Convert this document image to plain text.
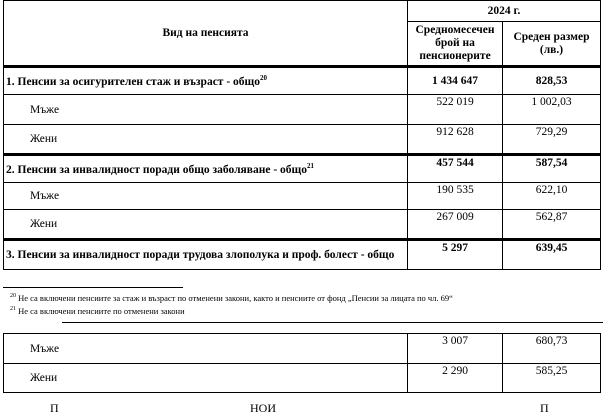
Вид на пенсията	2024 г.	
	Средномесечен брой на пенсионерите	Среден размер (лв.)
1. Пенсии за осигурителен стаж и възраст - общо$^{20}$	1 434 647	828,53
Мъже	522 019	1 002,03
Жени	912 628	729,29
2. Пенсии за инвалидност поради общо заболяване - общо$^{21}$	457 544	587,54
Мъже	190 535	622,10
Жени	267 009	562,87
3. Пенсии за инвалидност поради трудова злополука и проф. болест - общо	5 297	639,45
$^{20}$ Не са включени пенсиите за стаж и възраст по отменени закони, както и пенсиите от фонд „Пенсии за лицата по чл. 69“
$^{21}$ Не са включени пенсиите по отменени закони
Мъже	3 007	680,73
Жени	2 290	585,25
П	НОИ	П
